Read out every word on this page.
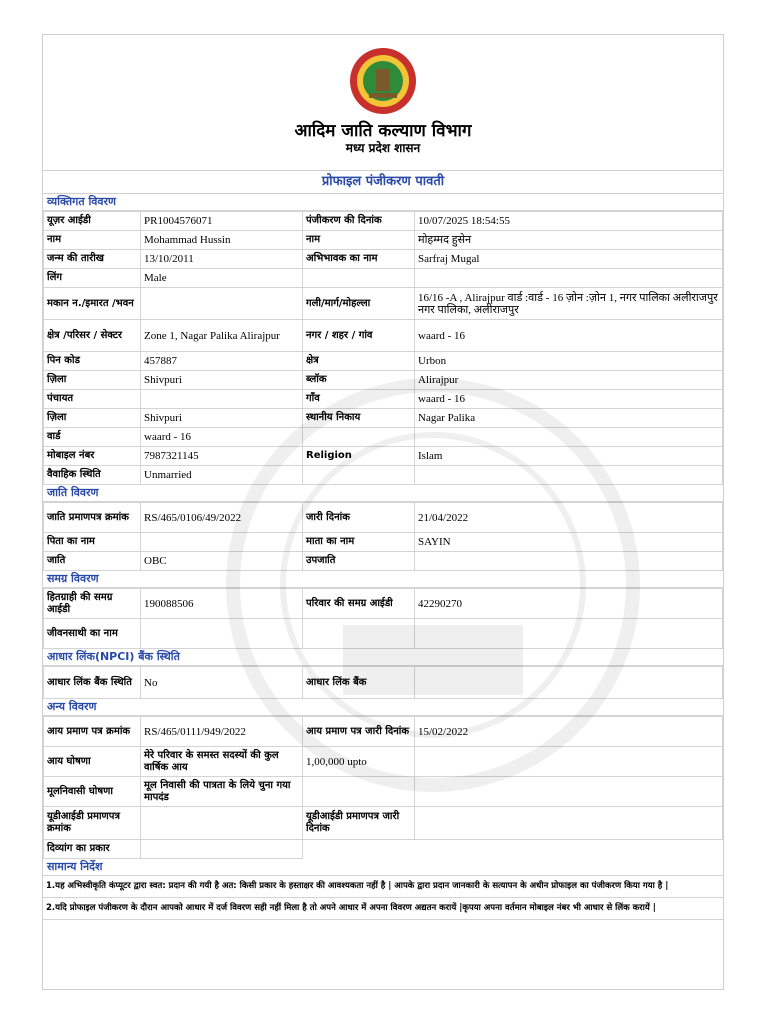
आदिम जाति कल्याण विभाग
मध्य प्रदेश शासन
प्रोफाइल पंजीकरण पावती
व्यक्तिगत विवरण
यूज़र आईडी	PR1004576071	पंजीकरण की दिनांक	10/07/2025 18:54:55
नाम	Mohammad Hussin	नाम	मोहम्मद हुसेन
जन्म की तारीख	13/10/2011	अभिभावक का नाम	Sarfraj Mugal
लिंग	Male		
मकान न./इमारत /भवन		गली/मार्ग/मोहल्ला	16/16 -A , Alirajpur वार्ड :वार्ड - 16 ज़ोन :ज़ोन 1, नगर पालिका अलीराजपुर नगर पालिका, अलीराजपुर
क्षेत्र /परिसर / सेक्टर	Zone 1, Nagar Palika Alirajpur	नगर / शहर / गांव	waard - 16
पिन कोड	457887	क्षेत्र	Urbon
ज़िला	Shivpuri	ब्लॉक	Alirajpur
पंचायत		गाँव	waard - 16
ज़िला	Shivpuri	स्थानीय निकाय	Nagar Palika
वार्ड	waard - 16		
मोबाइल नंबर	7987321145	Religion	Islam
वैवाहिक स्थिति	Unmarried		
जाति विवरण
जाति प्रमाणपत्र क्रमांक	RS/465/0106/49/2022	जारी दिनांक	21/04/2022
पिता का नाम		माता का नाम	SAYIN
जाति	OBC	उपजाति	
समग्र विवरण
हितग्राही की समग्र आईडी	190088506	परिवार की समग्र आईडी	42290270
जीवनसाथी का नाम			
आधार लिंक(NPCI) बैंक स्थिति
आधार लिंक बैंक स्थिति	No	आधार लिंक बैंक	
अन्य विवरण
आय प्रमाण पत्र क्रमांक	RS/465/0111/949/2022	आय प्रमाण पत्र जारी दिनांक	15/02/2022
आय घोषणा	मेरे परिवार के समस्त सदस्यों की कुल वार्षिक आय	1,00,000 upto	
मूलनिवासी घोषणा	मूल निवासी की पात्रता के लिये चुना गया मापदंड		
यूडीआईडी प्रमाणपत्र क्रमांक		यूडीआईडी प्रमाणपत्र जारी दिनांक	
दिव्यांग का प्रकार			
सामान्य निर्देश
1.यह अभिस्वीकृति कंप्यूटर द्वारा स्वत: प्रदान की गयी है अत: किसी प्रकार के हस्ताक्षर की आवश्यकता नहीं है | आपके द्वारा प्रदान जानकारी के सत्यापन के अधीन प्रोफाइल का पंजीकरण किया गया है |
2.यदि प्रोफाइल पंजीकरण के दौरान आपको आधार में दर्ज विवरण सही नहीं मिला है तो अपने आधार में अपना विवरण अद्यतन करायें |कृपया अपना वर्तमान मोबाइल नंबर भी आधार से लिंक करायें |
